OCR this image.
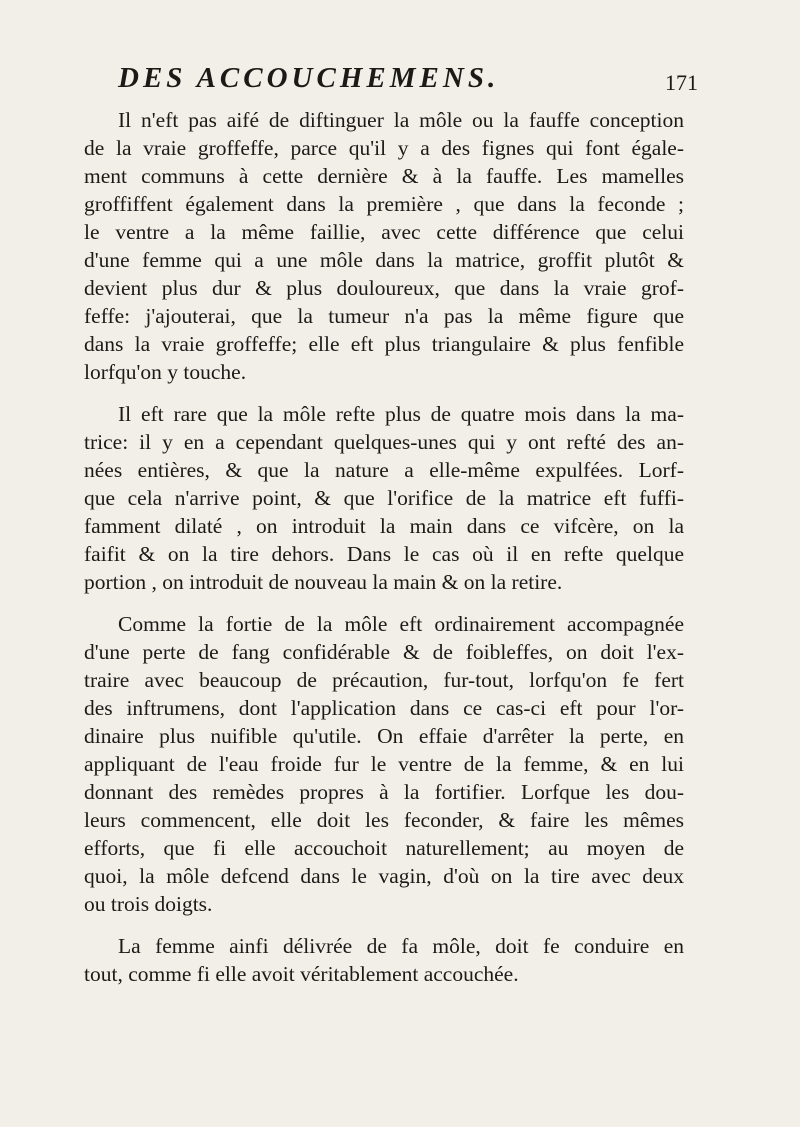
DES ACCOUCHEMENS.	171
Il n'eft pas aifé de diftinguer la môle ou la fauffe conception
de la vraie groffeffe, parce qu'il y a des fignes qui font égale-
ment communs à cette dernière & à la fauffe. Les mamelles
groffiffent également dans la première , que dans la feconde ;
le ventre a la même faillie, avec cette différence que celui
d'une femme qui a une môle dans la matrice, groffit plutôt &
devient plus dur & plus douloureux, que dans la vraie grof-
feffe: j'ajouterai, que la tumeur n'a pas la même figure que
dans la vraie groffeffe; elle eft plus triangulaire & plus fenfible
lorfqu'on y touche.
Il eft rare que la môle refte plus de quatre mois dans la ma-
trice: il y en a cependant quelques-unes qui y ont refté des an-
nées entières, & que la nature a elle-même expulfées. Lorf-
que cela n'arrive point, & que l'orifice de la matrice eft fuffi-
famment dilaté , on introduit la main dans ce vifcère, on la
faifit & on la tire dehors. Dans le cas où il en refte quelque
portion , on introduit de nouveau la main & on la retire.
Comme la fortie de la môle eft ordinairement accompagnée
d'une perte de fang confidérable & de foibleffes, on doit l'ex-
traire avec beaucoup de précaution, fur-tout, lorfqu'on fe fert
des inftrumens, dont l'application dans ce cas-ci eft pour l'or-
dinaire plus nuifible qu'utile. On effaie d'arrêter la perte, en
appliquant de l'eau froide fur le ventre de la femme, & en lui
donnant des remèdes propres à la fortifier. Lorfque les dou-
leurs commencent, elle doit les feconder, & faire les mêmes
efforts, que fi elle accouchoit naturellement; au moyen de
quoi, la môle defcend dans le vagin, d'où on la tire avec deux
ou trois doigts.
La femme ainfi délivrée de fa môle, doit fe conduire en
tout, comme fi elle avoit véritablement accouchée.
